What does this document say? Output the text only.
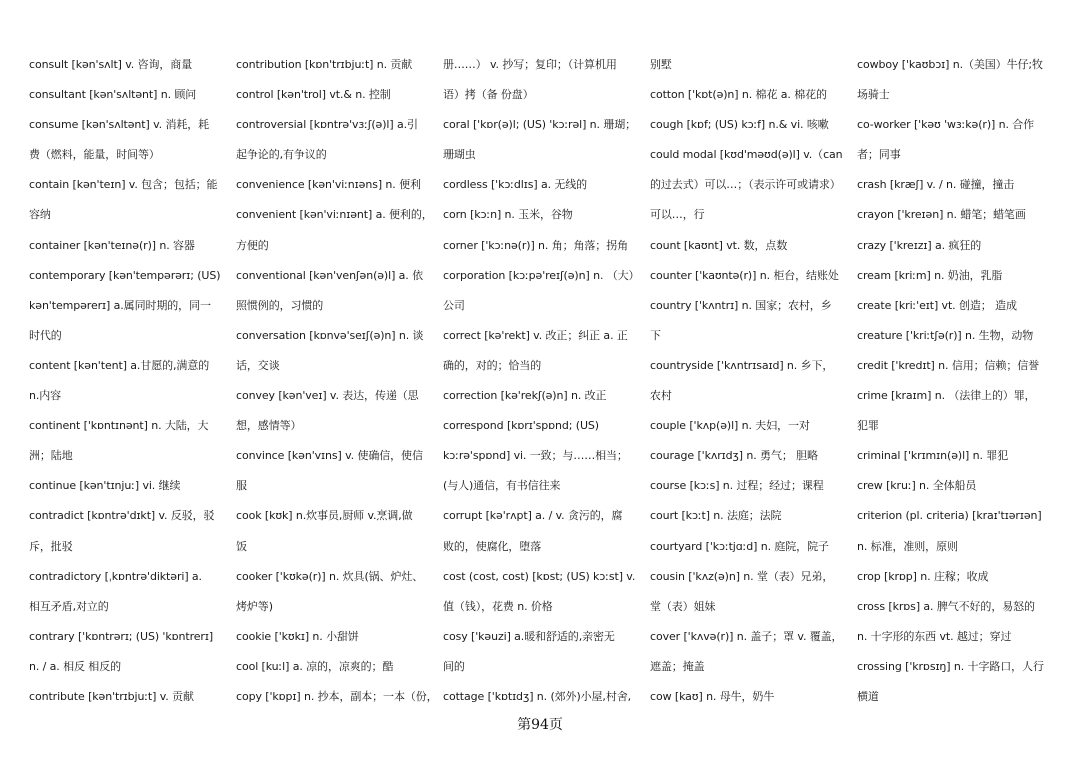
consult [kən'sʌlt] v. 咨询，商量
consultant [kən'sʌltənt] n. 顾问
consume [kən'sʌltənt] v. 消耗，耗
费（燃料，能量，时间等）
contain [kən'teɪn] v. 包含；包括；能
容纳
container [kən'teɪnə(r)] n. 容器
contemporary [kən'tempərərɪ; (US)
kən'tempərerɪ] a.属同时期的，同一
时代的
content [kən'tent] a.甘愿的,满意的
n.内容
continent ['kɒntɪnənt] n. 大陆，大
洲；陆地
continue [kən'tɪnjuː] vi. 继续
contradict [kɒntrə'dɪkt] v. 反驳，驳
斥，批驳
contradictory [ˌkɒntrə'diktəri] a.
相互矛盾,对立的
contrary ['kɒntrərɪ; (US) 'kɒntrerɪ]
n. / a. 相反 相反的
contribute [kən'trɪbjuːt] v. 贡献
contribution [kɒn'trɪbjuːt] n. 贡献
control [kən'trol] vt.& n. 控制
controversial [kɒntrə'vɜːʃ(ə)l] a.引
起争论的,有争议的
convenience [kən'viːnɪəns] n. 便利
convenient [kən'viːnɪənt] a. 便利的，
方便的
conventional [kən'venʃən(ə)l] a. 依
照惯例的，习惯的
conversation [kɒnvə'seɪʃ(ə)n] n. 谈
话，交谈
convey [kən'veɪ] v. 表达，传递（思
想，感情等）
convince [kən'vɪns] v. 使确信，使信
服
cook [kʊk] n.炊事员,厨师 v.烹调,做
饭
cooker ['kʊkə(r)] n. 炊具(锅、炉灶、
烤炉等)
cookie ['kʊkɪ] n. 小甜饼
cool [kuːl] a. 凉的，凉爽的；酷
copy ['kɒpɪ] n. 抄本，副本；一本（份，
册……） v. 抄写；复印；（计算机用
语）拷（备 份盘）
coral ['kɒr(ə)l; (US) 'kɔːrəl] n. 珊瑚；
珊瑚虫
cordless ['kɔːdlɪs] a. 无线的
corn [kɔːn] n. 玉米，谷物
corner ['kɔːnə(r)] n. 角；角落；拐角
corporation [kɔːpə'reɪʃ(ə)n] n. （大）
公司
correct [kə'rekt] v. 改正；纠正 a. 正
确的，对的；恰当的
correction [kə'rekʃ(ə)n] n. 改正
correspond [kɒrɪ'spɒnd; (US)
kɔːrə'spɒnd] vi. 一致；与……相当；
(与人)通信，有书信往来
corrupt [kə'rʌpt] a. / v. 贪污的，腐
败的，使腐化，堕落
cost (cost, cost) [kɒst; (US) kɔːst] v.
值（钱），花费 n. 价格
cosy ['kəuzi] a.暖和舒适的,亲密无
间的
cottage ['kɒtɪdʒ] n. (郊外)小屋,村舍,
别墅
cotton ['kɒt(ə)n] n. 棉花 a. 棉花的
cough [kɒf; (US) kɔːf] n.& vi. 咳嗽
could modal [kʊd'məʊd(ə)l] v.（can
的过去式）可以…；（表示许可或请求）
可以…，行
count [kaʊnt] vt. 数，点数
counter ['kaʊntə(r)] n. 柜台，结账处
country ['kʌntrɪ] n. 国家；农村，乡
下
countryside ['kʌntrɪsaɪd] n. 乡下，
农村
couple ['kʌp(ə)l] n. 夫妇，一对
courage ['kʌrɪdʒ] n. 勇气； 胆略
course [kɔːs] n. 过程；经过；课程
court [kɔːt] n. 法庭；法院
courtyard ['kɔːtjɑːd] n. 庭院，院子
cousin ['kʌz(ə)n] n. 堂（表）兄弟，
堂（表）姐妹
cover ['kʌvə(r)] n. 盖子；罩 v. 覆盖，
遮盖；掩盖
cow [kaʊ] n. 母牛，奶牛
cowboy ['kaʊbɔɪ] n.（美国）牛仔;牧
场骑士
co-worker ['kəʊ 'wɜːkə(r)] n. 合作
者；同事
crash [kræʃ] v. / n. 碰撞，撞击
crayon ['kreɪən] n. 蜡笔；蜡笔画
crazy ['kreɪzɪ] a. 疯狂的
cream [kriːm] n. 奶油，乳脂
create [kriː'eɪt] vt. 创造； 造成
creature ['kriːtʃə(r)] n. 生物，动物
credit ['kredɪt] n. 信用；信赖；信誉
crime [kraɪm] n. （法律上的）罪，
犯罪
criminal ['krɪmɪn(ə)l] n. 罪犯
crew [kruː] n. 全体船员
criterion (pl. criteria) [kraɪ'tɪərɪən]
n. 标准，准则，原则
crop [krɒp] n. 庄稼；收成
cross [krɒs] a. 脾气不好的，易怒的
n. 十字形的东西 vt. 越过；穿过
crossing ['krɒsɪŋ] n. 十字路口，人行
横道
第94页
